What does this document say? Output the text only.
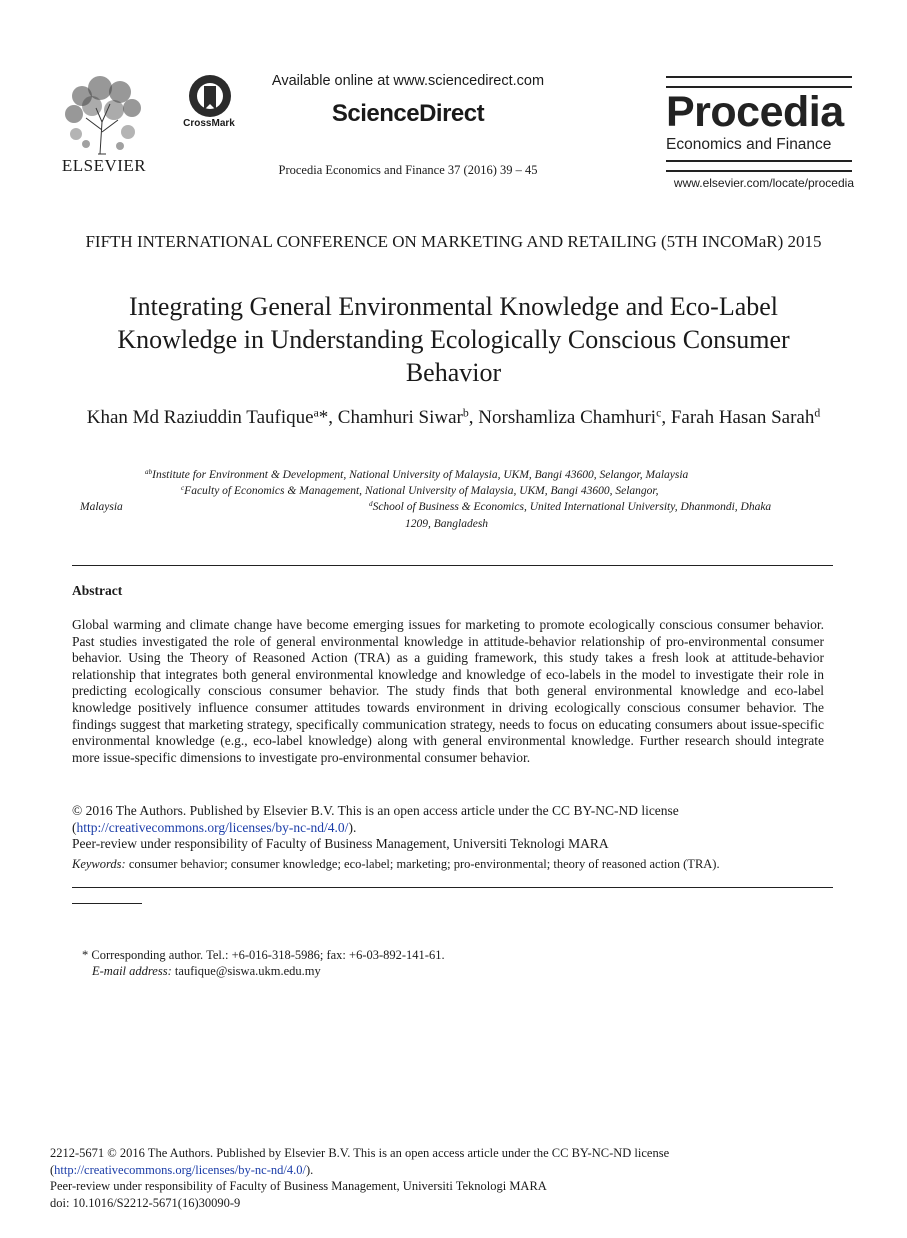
ELSEVIER
CrossMark
Available online at www.sciencedirect.com
ScienceDirect
Procedia Economics and Finance 37 (2016) 39 – 45
Procedia
Economics and Finance
www.elsevier.com/locate/procedia
FIFTH INTERNATIONAL CONFERENCE ON MARKETING AND RETAILING (5TH INCOMaR) 2015
Integrating General Environmental Knowledge and Eco-Label Knowledge in Understanding Ecologically Conscious Consumer Behavior
Khan Md Raziuddin Taufique$^a$*, Chamhuri Siwar$^b$, Norshamliza Chamhuri$^c$, Farah Hasan Sarah$^d$
$^{ab}$Institute for Environment & Development, National University of Malaysia, UKM, Bangi 43600, Selangor, Malaysia
$^c$Faculty of Economics & Management, National University of Malaysia, UKM, Bangi 43600, Selangor,
Malaysia	$^d$School of Business & Economics, United International University, Dhanmondi, Dhaka
1209, Bangladesh
Abstract
Global warming and climate change have become emerging issues for marketing to promote ecologically conscious consumer behavior. Past studies investigated the role of general environmental knowledge in attitude-behavior relationship of pro-environmental consumer behavior. Using the Theory of Reasoned Action (TRA) as a guiding framework, this study takes a fresh look at attitude-behavior relationship that integrates both general environmental knowledge and knowledge of eco-labels in the model to investigate their role in predicting ecologically conscious consumer behavior. The study finds that both general environmental knowledge and eco-label knowledge positively influence consumer attitudes towards environment in driving ecologically conscious consumer behavior. The findings suggest that marketing strategy, specifically communication strategy, needs to focus on educating consumers about issue-specific environmental knowledge (e.g., eco-label knowledge) along with general environmental knowledge. Further research should integrate more issue-specific dimensions to investigate pro-environmental consumer behavior.
© 2016 The Authors. Published by Elsevier B.V. This is an open access article under the CC BY-NC-ND license
(http://creativecommons.org/licenses/by-nc-nd/4.0/).
Peer-review under responsibility of Faculty of Business Management, Universiti Teknologi MARA
Keywords: consumer behavior; consumer knowledge; eco-label; marketing; pro-environmental; theory of reasoned action (TRA).
* Corresponding author. Tel.: +6-016-318-5986; fax: +6-03-892-141-61.
E-mail address: taufique@siswa.ukm.edu.my
2212-5671 © 2016 The Authors. Published by Elsevier B.V. This is an open access article under the CC BY-NC-ND license
(http://creativecommons.org/licenses/by-nc-nd/4.0/).
Peer-review under responsibility of Faculty of Business Management, Universiti Teknologi MARA
doi: 10.1016/S2212-5671(16)30090-9
